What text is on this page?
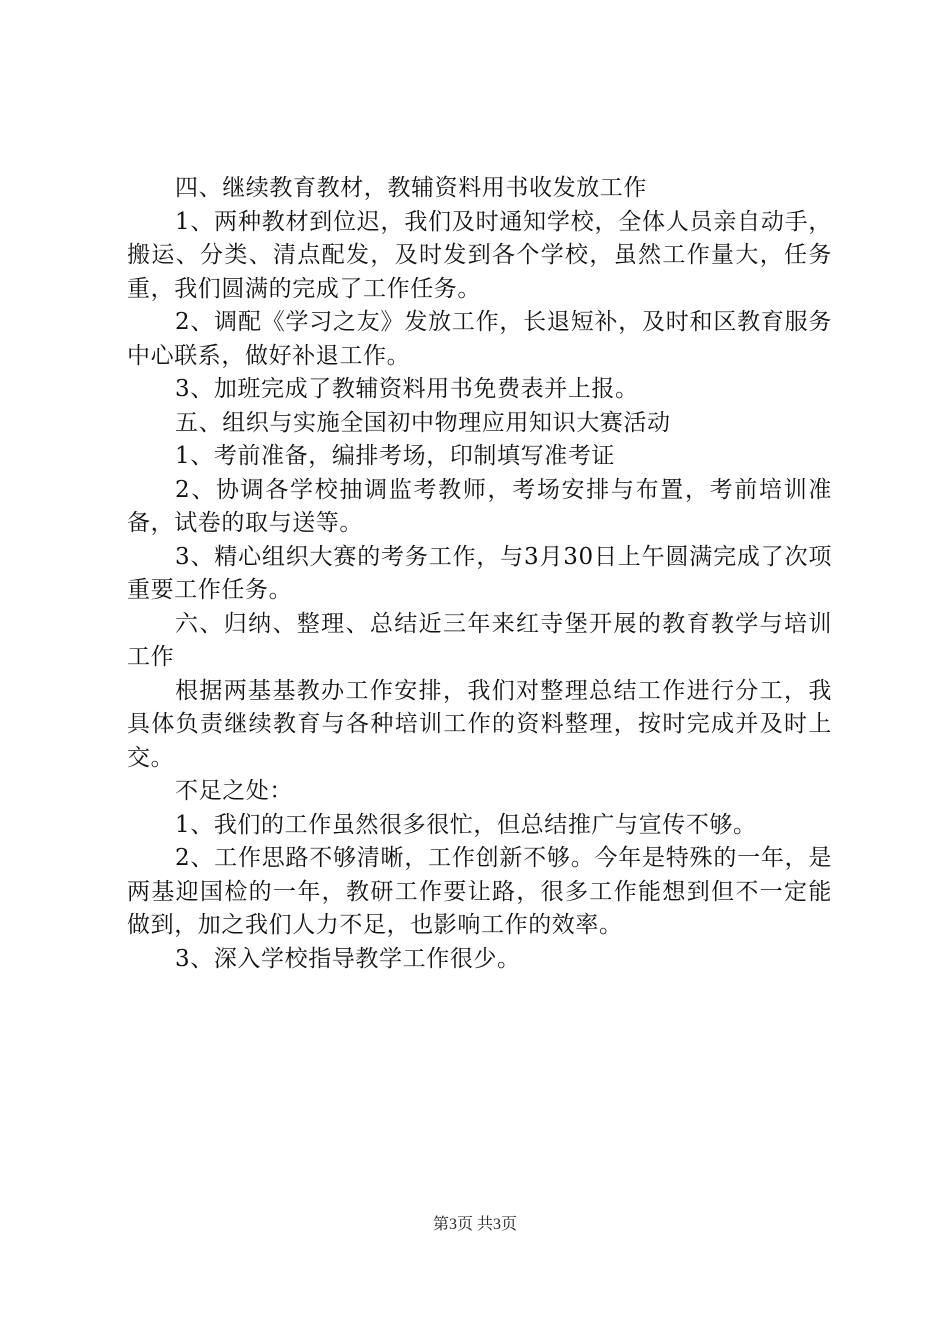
四、继续教育教材，教辅资料用书收发放工作

1、两种教材到位迟，我们及时通知学校，全体人员亲自动手，搬运、分类、清点配发，及时发到各个学校，虽然工作量大，任务重，我们圆满的完成了工作任务。

2、调配《学习之友》发放工作，长退短补，及时和区教育服务中心联系，做好补退工作。

3、加班完成了教辅资料用书免费表并上报。

五、组织与实施全国初中物理应用知识大赛活动

1、考前准备，编排考场，印制填写准考证

2、协调各学校抽调监考教师，考场安排与布置，考前培训准备，试卷的取与送等。

3、精心组织大赛的考务工作，与3月30日上午圆满完成了次项重要工作任务。

六、归纳、整理、总结近三年来红寺堡开展的教育教学与培训工作

根据两基基教办工作安排，我们对整理总结工作进行分工，我具体负责继续教育与各种培训工作的资料整理，按时完成并及时上交。

不足之处：

1、我们的工作虽然很多很忙，但总结推广与宣传不够。

2、工作思路不够清晰，工作创新不够。今年是特殊的一年，是两基迎国检的一年，教研工作要让路，很多工作能想到但不一定能做到，加之我们人力不足，也影响工作的效率。

3、深入学校指导教学工作很少。

第3页 共3页
